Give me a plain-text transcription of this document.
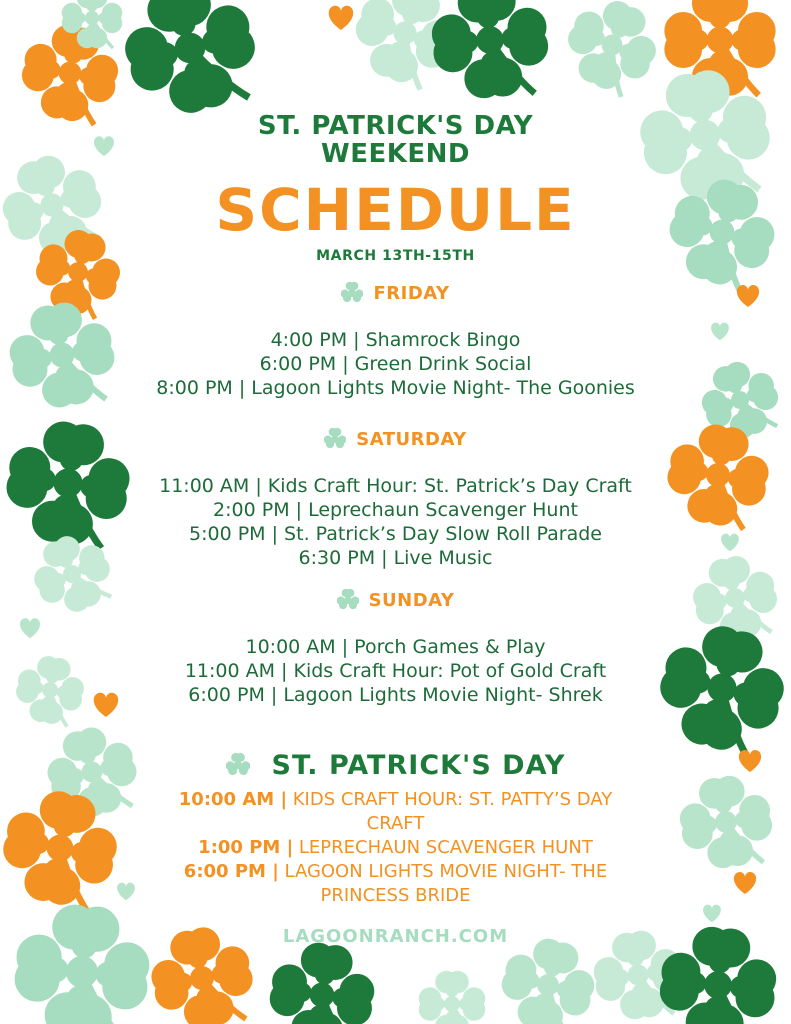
ST. PATRICK'S DAY
WEEKEND
SCHEDULE
MARCH 13TH-15TH
FRIDAY
4:00 PM | Shamrock Bingo
6:00 PM | Green Drink Social
8:00 PM | Lagoon Lights Movie Night- The Goonies
SATURDAY
11:00 AM | Kids Craft Hour: St. Patrick’s Day Craft
2:00 PM | Leprechaun Scavenger Hunt
5:00 PM | St. Patrick’s Day Slow Roll Parade
6:30 PM | Live Music
SUNDAY
10:00 AM | Porch Games & Play
11:00 AM | Kids Craft Hour: Pot of Gold Craft
6:00 PM | Lagoon Lights Movie Night- Shrek
ST. PATRICK'S DAY
10:00 AM | KIDS CRAFT HOUR: ST. PATTY’S DAY
CRAFT
1:00 PM | LEPRECHAUN SCAVENGER HUNT
6:00 PM | LAGOON LIGHTS MOVIE NIGHT- THE
PRINCESS BRIDE
LAGOONRANCH.COM
